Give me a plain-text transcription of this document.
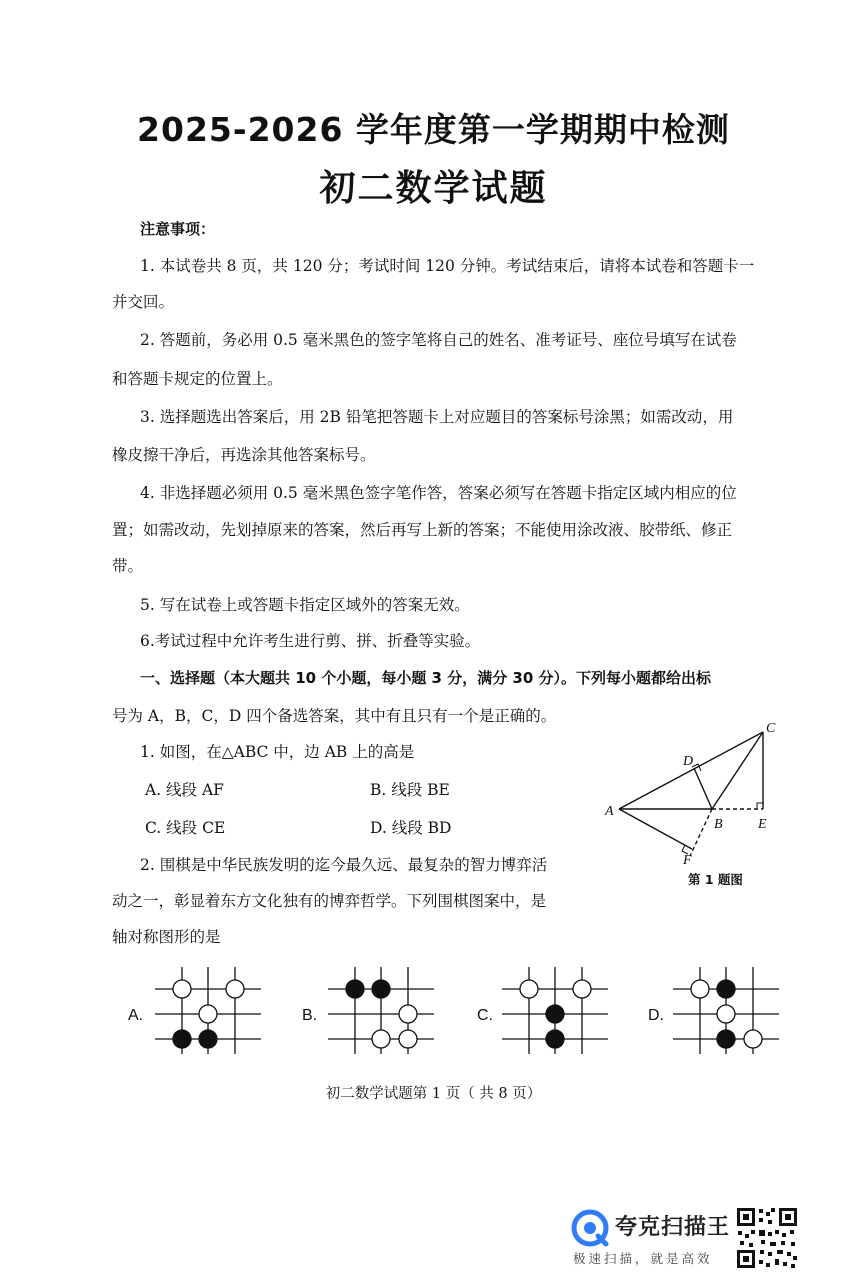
2025-2026 学年度第一学期期中检测
初二数学试题
注意事项：
1. 本试卷共 8 页，共 120 分；考试时间 120 分钟。考试结束后，请将本试卷和答题卡一
并交回。
2. 答题前，务必用 0.5 毫米黑色的签字笔将自己的姓名、准考证号、座位号填写在试卷
和答题卡规定的位置上。
3. 选择题选出答案后，用 2B 铅笔把答题卡上对应题目的答案标号涂黑；如需改动，用
橡皮擦干净后，再选涂其他答案标号。
4. 非选择题必须用 0.5 毫米黑色签字笔作答，答案必须写在答题卡指定区域内相应的位
置；如需改动，先划掉原来的答案，然后再写上新的答案；不能使用涂改液、胶带纸、修正
带。
5. 写在试卷上或答题卡指定区域外的答案无效。
6.考试过程中允许考生进行剪、拼、折叠等实验。
一、选择题（本大题共 10 个小题，每小题 3 分，满分 30 分）。下列每小题都给出标
号为 A，B，C，D 四个备选答案，其中有且只有一个是正确的。
1. 如图，在△ABC 中，边 AB 上的高是
A. 线段 AF	B. 线段 BE
C. 线段 CE	D. 线段 BD
A
B
C
D
E
F
第 1 题图
2. 围棋是中华民族发明的迄今最久远、最复杂的智力博弈活
动之一，彰显着东方文化独有的博弈哲学。下列围棋图案中，是
轴对称图形的是
A.	B.	C.	D.
初二数学试题第 1 页（ 共 8 页）
夸克扫描王
极速扫描，就是高效
